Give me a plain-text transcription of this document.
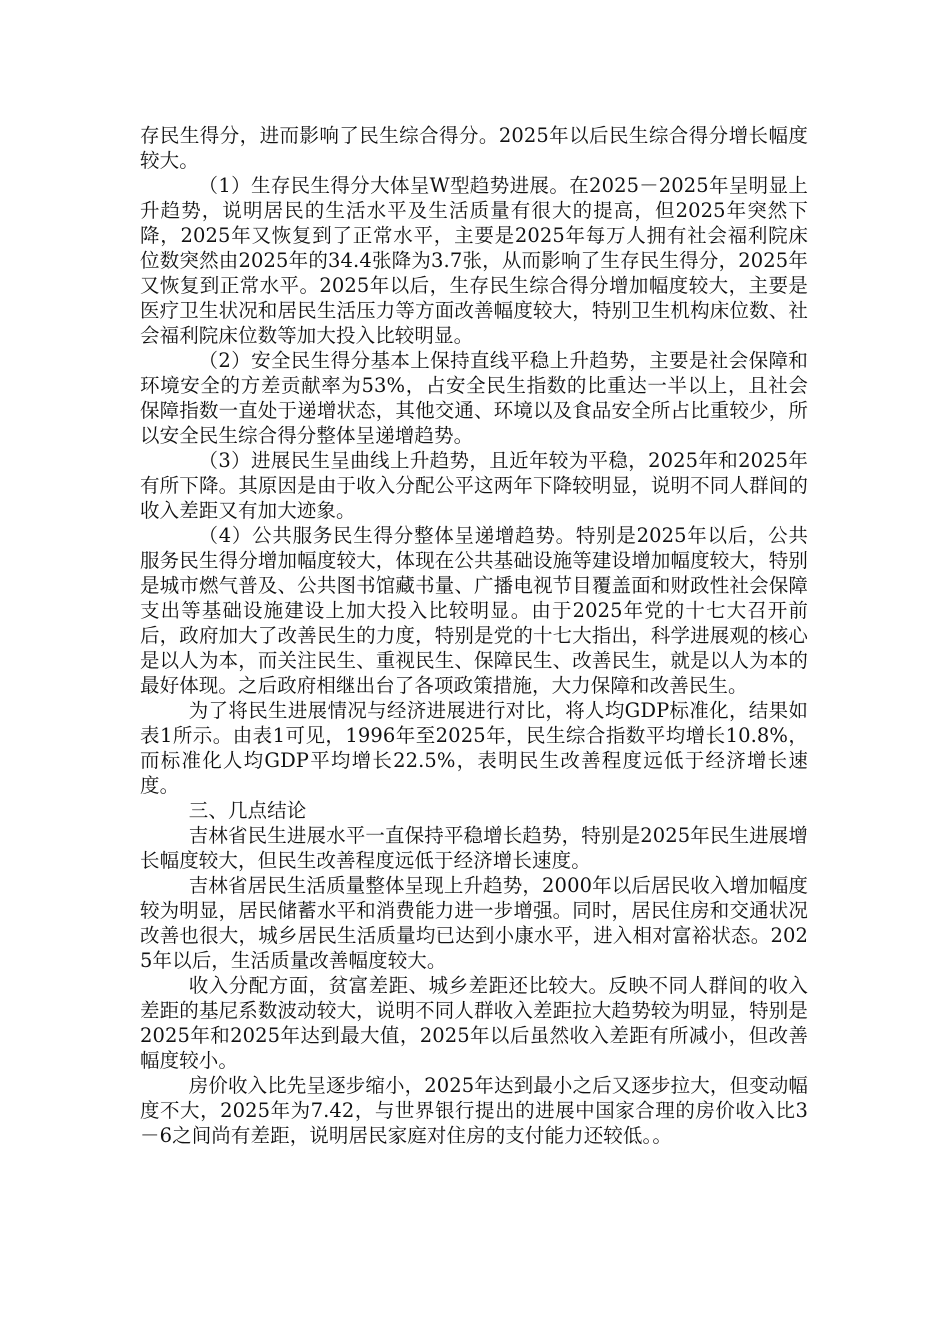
存民生得分，进而影响了民生综合得分。2025年以后民生综合得分增长幅度较大。

（1）生存民生得分大体呈W型趋势进展。在2025－2025年呈明显上升趋势，说明居民的生活水平及生活质量有很大的提高，但2025年突然下降，2025年又恢复到了正常水平，主要是2025年每万人拥有社会福利院床位数突然由2025年的34.4张降为3.7张，从而影响了生存民生得分，2025年又恢复到正常水平。2025年以后，生存民生综合得分增加幅度较大，主要是医疗卫生状况和居民生活压力等方面改善幅度较大，特别卫生机构床位数、社会福利院床位数等加大投入比较明显。

（2）安全民生得分基本上保持直线平稳上升趋势，主要是社会保障和环境安全的方差贡献率为53%，占安全民生指数的比重达一半以上，且社会保障指数一直处于递增状态，其他交通、环境以及食品安全所占比重较少，所以安全民生综合得分整体呈递增趋势。

（3）进展民生呈曲线上升趋势，且近年较为平稳，2025年和2025年有所下降。其原因是由于收入分配公平这两年下降较明显，说明不同人群间的收入差距又有加大迹象。

（4）公共服务民生得分整体呈递增趋势。特别是2025年以后，公共服务民生得分增加幅度较大，体现在公共基础设施等建设增加幅度较大，特别是城市燃气普及、公共图书馆藏书量、广播电视节目覆盖面和财政性社会保障支出等基础设施建设上加大投入比较明显。由于2025年党的十七大召开前后，政府加大了改善民生的力度，特别是党的十七大指出，科学进展观的核心是以人为本，而关注民生、重视民生、保障民生、改善民生，就是以人为本的最好体现。之后政府相继出台了各项政策措施，大力保障和改善民生。

为了将民生进展情况与经济进展进行对比，将人均GDP标准化，结果如表1所示。由表1可见，1996年至2025年，民生综合指数平均增长10.8%，而标准化人均GDP平均增长22.5%，表明民生改善程度远低于经济增长速度。

三、几点结论

吉林省民生进展水平一直保持平稳增长趋势，特别是2025年民生进展增长幅度较大，但民生改善程度远低于经济增长速度。

吉林省居民生活质量整体呈现上升趋势，2000年以后居民收入增加幅度较为明显，居民储蓄水平和消费能力进一步增强。同时，居民住房和交通状况改善也很大，城乡居民生活质量均已达到小康水平，进入相对富裕状态。2025年以后，生活质量改善幅度较大。

收入分配方面，贫富差距、城乡差距还比较大。反映不同人群间的收入差距的基尼系数波动较大，说明不同人群收入差距拉大趋势较为明显，特别是2025年和2025年达到最大值，2025年以后虽然收入差距有所减小，但改善幅度较小。

房价收入比先呈逐步缩小，2025年达到最小之后又逐步拉大，但变动幅度不大，2025年为7.42，与世界银行提出的进展中国家合理的房价收入比3－6之间尚有差距，说明居民家庭对住房的支付能力还较低。。
